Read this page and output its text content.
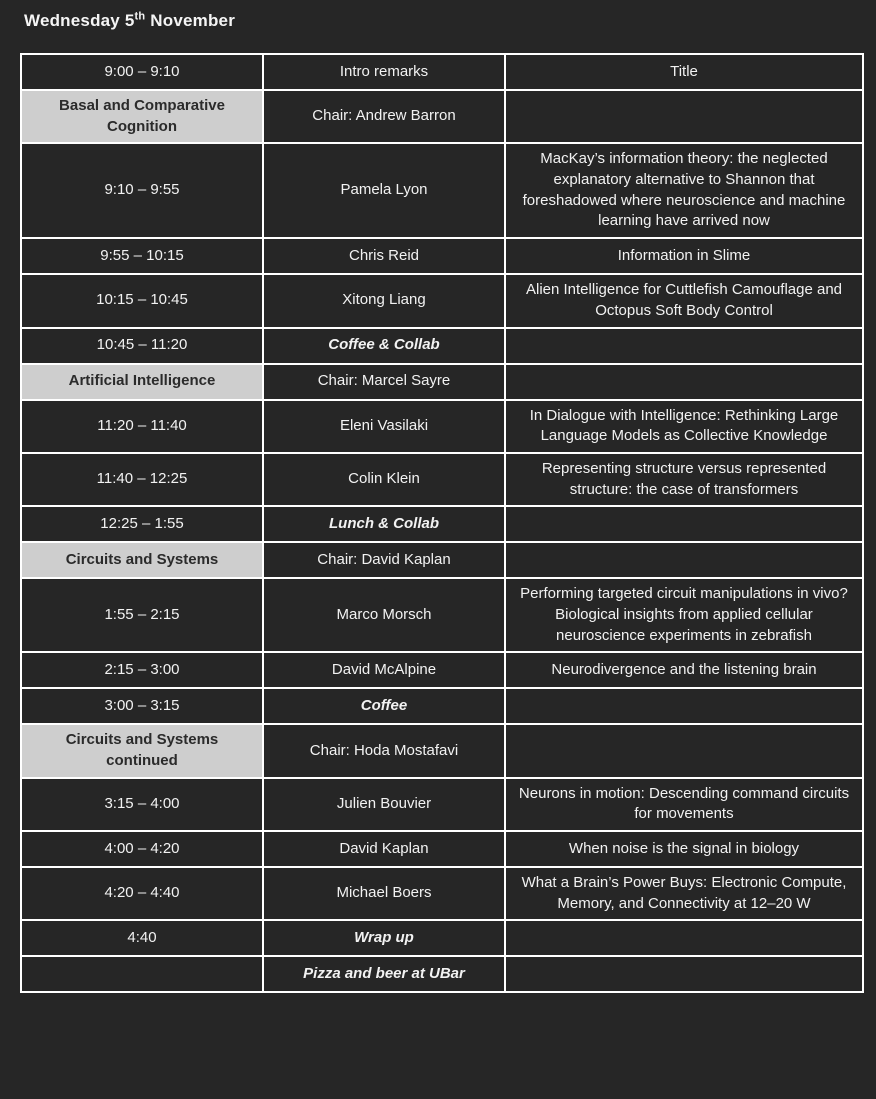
Wednesday 5th November
9:00 – 9:10	Intro remarks	Title
Basal and Comparative Cognition	Chair: Andrew Barron	
9:10 – 9:55	Pamela Lyon	MacKay’s information theory: the neglected explanatory alternative to Shannon that foreshadowed where neuroscience and machine learning have arrived now
9:55 – 10:15	Chris Reid	Information in Slime
10:15 – 10:45	Xitong Liang	Alien Intelligence for Cuttlefish Camouflage and Octopus Soft Body Control
10:45 – 11:20	Coffee & Collab	
Artificial Intelligence	Chair: Marcel Sayre	
11:20 – 11:40	Eleni Vasilaki	In Dialogue with Intelligence: Rethinking Large Language Models as Collective Knowledge
11:40 – 12:25	Colin Klein	Representing structure versus represented structure: the case of transformers
12:25 – 1:55	Lunch & Collab	
Circuits and Systems	Chair: David Kaplan	
1:55 – 2:15	Marco Morsch	Performing targeted circuit manipulations in vivo? Biological insights from applied cellular neuroscience experiments in zebrafish
2:15 – 3:00	David McAlpine	Neurodivergence and the listening brain
3:00 – 3:15	Coffee	
Circuits and Systems continued	Chair: Hoda Mostafavi	
3:15 – 4:00	Julien Bouvier	Neurons in motion: Descending command circuits for movements
4:00 – 4:20	David Kaplan	When noise is the signal in biology
4:20 – 4:40	Michael Boers	What a Brain’s Power Buys: Electronic Compute, Memory, and Connectivity at 12–20 W
4:40	Wrap up	
	Pizza and beer at UBar	
